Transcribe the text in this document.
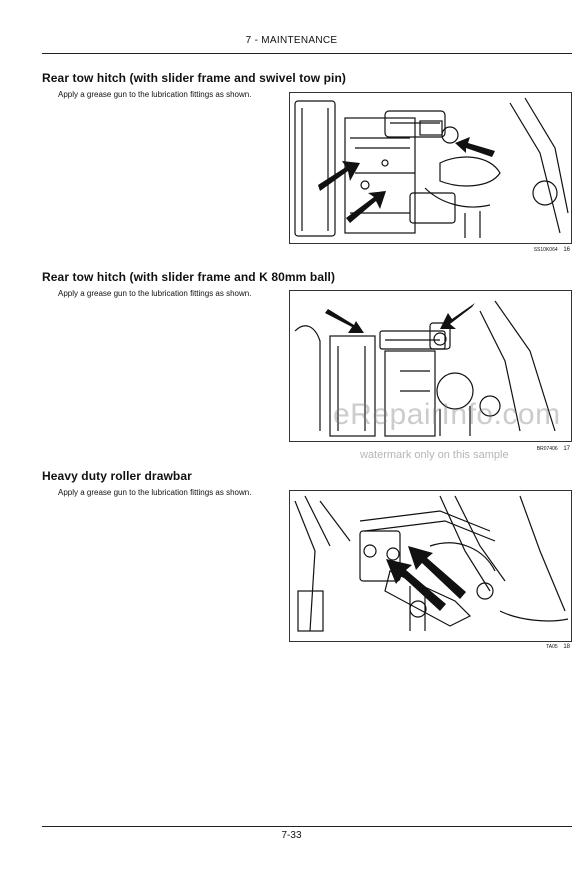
7 - MAINTENANCE
Rear tow hitch (with slider frame and swivel tow pin)
Apply a grease gun to the lubrication fittings as shown.
SS10K064 16
Rear tow hitch (with slider frame and K 80mm ball)
Apply a grease gun to the lubrication fittings as shown.
BR07406 17
eRepairInfo.com
watermark only on this sample
Heavy duty roller drawbar
Apply a grease gun to the lubrication fittings as shown.
TA05 18
7-33
